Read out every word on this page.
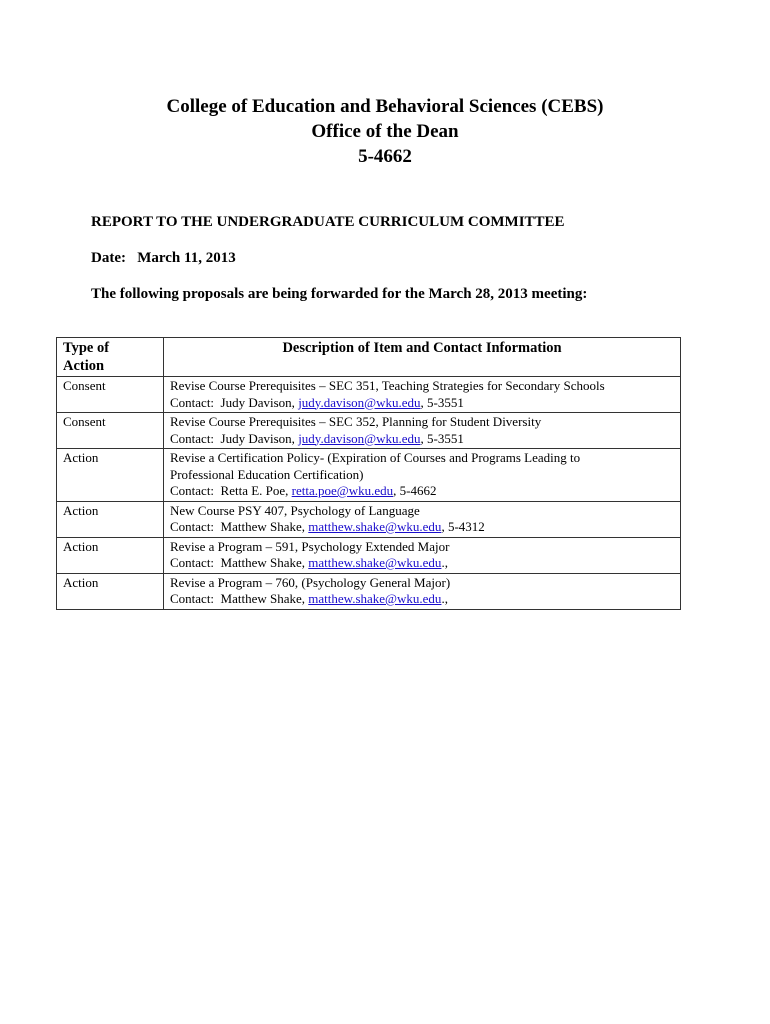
College of Education and Behavioral Sciences (CEBS)
Office of the Dean
5-4662
REPORT TO THE UNDERGRADUATE CURRICULUM COMMITTEE
Date: March 11, 2013
The following proposals are being forwarded for the March 28, 2013 meeting:
Type of
Action	Description of Item and Contact Information
Consent	Revise Course Prerequisites – SEC 351, Teaching Strategies for Secondary Schools
Contact:  Judy Davison, judy.davison@wku.edu, 5-3551

Consent	Revise Course Prerequisites – SEC 352, Planning for Student Diversity
Contact:  Judy Davison, judy.davison@wku.edu, 5-3551

Action	Revise a Certification Policy- (Expiration of Courses and Programs Leading to
Professional Education Certification)
Contact:  Retta E. Poe, retta.poe@wku.edu, 5-4662

Action	New Course PSY 407, Psychology of Language
Contact:  Matthew Shake, matthew.shake@wku.edu, 5-4312

Action	Revise a Program – 591, Psychology Extended Major
Contact:  Matthew Shake, matthew.shake@wku.edu.,

Action	Revise a Program – 760, (Psychology General Major)
Contact:  Matthew Shake, matthew.shake@wku.edu.,
